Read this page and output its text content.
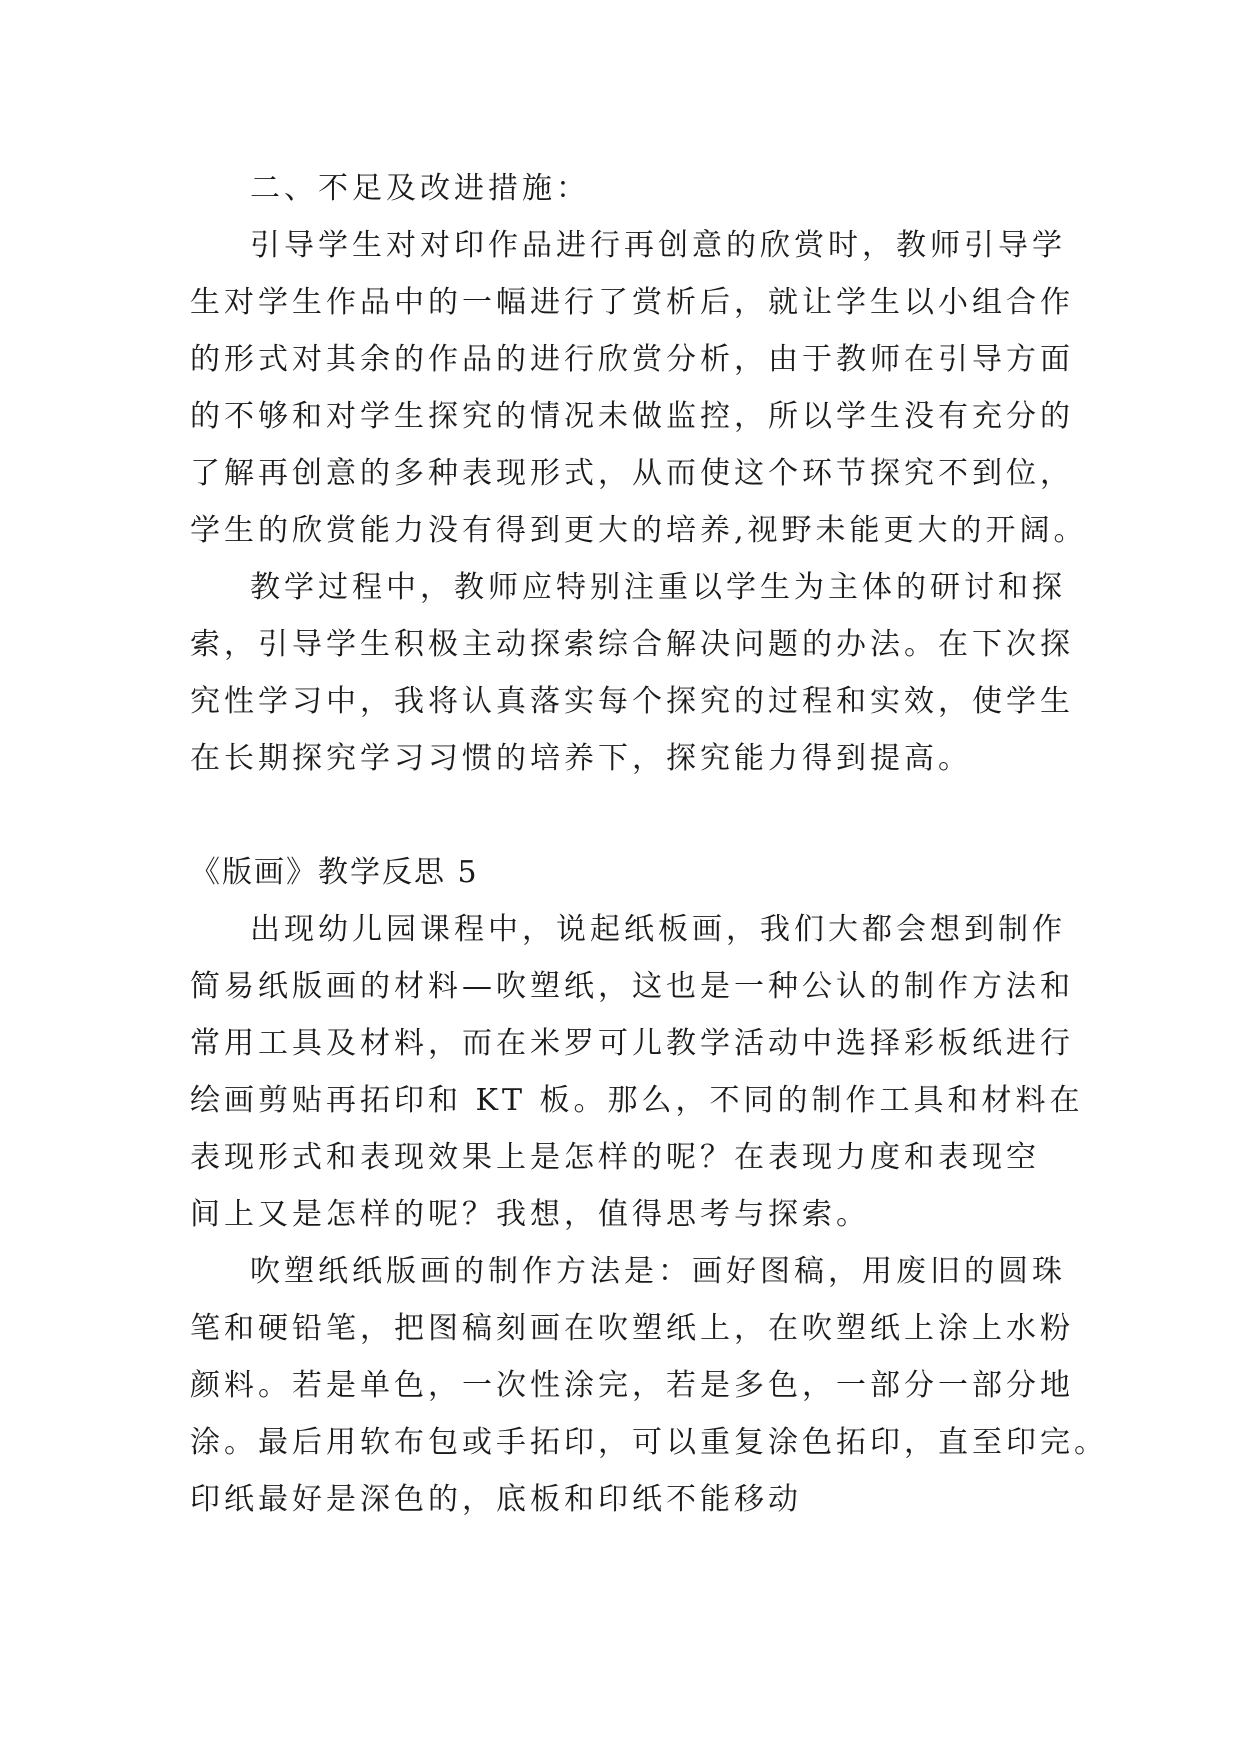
二、不足及改进措施：

引导学生对对印作品进行再创意的欣赏时，教师引导学
生对学生作品中的一幅进行了赏析后，就让学生以小组合作
的形式对其余的作品的进行欣赏分析，由于教师在引导方面
的不够和对学生探究的情况未做监控，所以学生没有充分的
了解再创意的多种表现形式，从而使这个环节探究不到位，
学生的欣赏能力没有得到更大的培养,视野未能更大的开阔。
教学过程中，教师应特别注重以学生为主体的研讨和探
索，引导学生积极主动探索综合解决问题的办法。在下次探
究性学习中，我将认真落实每个探究的过程和实效，使学生
在长期探究学习习惯的培养下，探究能力得到提高。

《版画》教学反思 5

出现幼儿园课程中，说起纸板画，我们大都会想到制作
简易纸版画的材料—吹塑纸，这也是一种公认的制作方法和
常用工具及材料，而在米罗可儿教学活动中选择彩板纸进行
绘画剪贴再拓印和 KT 板。那么，不同的制作工具和材料在
表现形式和表现效果上是怎样的呢？在表现力度和表现空
间上又是怎样的呢？我想，值得思考与探索。
吹塑纸纸版画的制作方法是：画好图稿，用废旧的圆珠
笔和硬铅笔，把图稿刻画在吹塑纸上，在吹塑纸上涂上水粉
颜料。若是单色，一次性涂完，若是多色，一部分一部分地
涂。最后用软布包或手拓印，可以重复涂色拓印，直至印完。
印纸最好是深色的，底板和印纸不能移动
